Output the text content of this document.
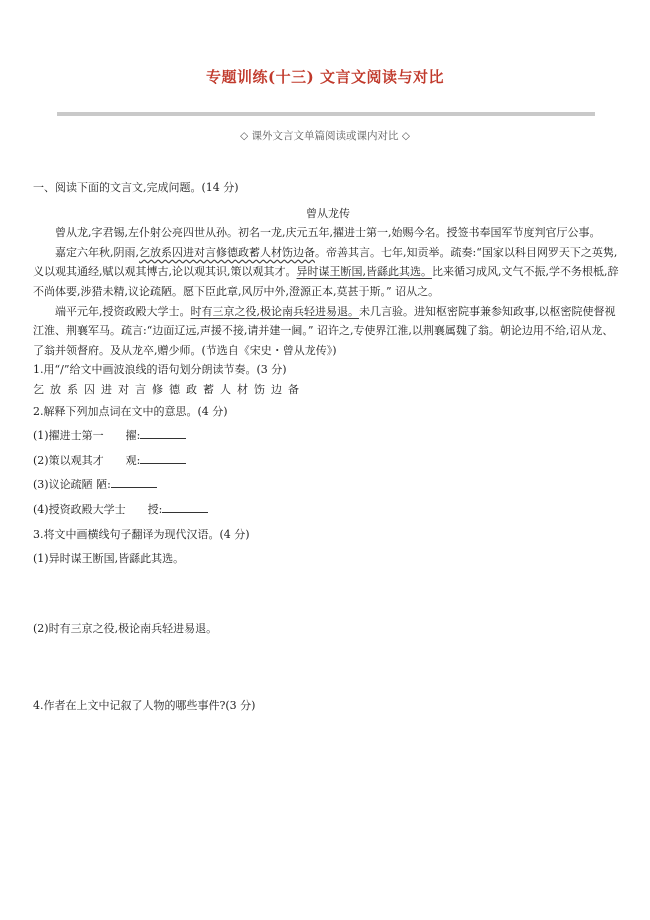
专题训练(十三) 文言文阅读与对比
◇ 课外文言文单篇阅读或课内对比 ◇

一、阅读下面的文言文,完成问题。(14 分)

曾从龙传

曾从龙,字君锡,左仆射公亮四世从孙。初名一龙,庆元五年,擢进士第一,始赐今名。授签书奉国军节度判官厅公事。

嘉定六年秋,阴雨,乞放系囚进对言修德政蓄人材饬边备。帝善其言。七年,知贡举。疏奏:“国家以科目网罗天下之英隽,义以观其通经,赋以观其博古,论以观其识,策以观其才。异时谋王断国,皆繇此其选。比来循习成风,文气不振,学不务根柢,辞不尚体要,涉猎未精,议论疏陋。愿下臣此章,风厉中外,澄源正本,莫甚于斯。” 诏从之。

端平元年,授资政殿大学士。时有三京之役,极论南兵轻进易退。未几言验。进知枢密院事兼参知政事,以枢密院使督视江淮、荆襄军马。疏言:“边面辽远,声援不接,请并建一阃。” 诏许之,专使界江淮,以荆襄属魏了翁。朝论边用不给,诏从龙、了翁并领督府。及从龙卒,赠少师。(节选自《宋史・曾从龙传》)

1.用“/”给文中画波浪线的语句划分朗读节奏。(3 分)

乞放系囚进对言修德政蓄人材饬边备

2.解释下列加点词在文中的意思。(4 分)

(1)擢进士第一　　擢:

(2)策以观其才　　观:

(3)议论疏陋 陋:

(4)授资政殿大学士　　授:

3.将文中画横线句子翻译为现代汉语。(4 分)

(1)异时谋王断国,皆繇此其选。

(2)时有三京之役,极论南兵轻进易退。

4.作者在上文中记叙了人物的哪些事件?(3 分)
